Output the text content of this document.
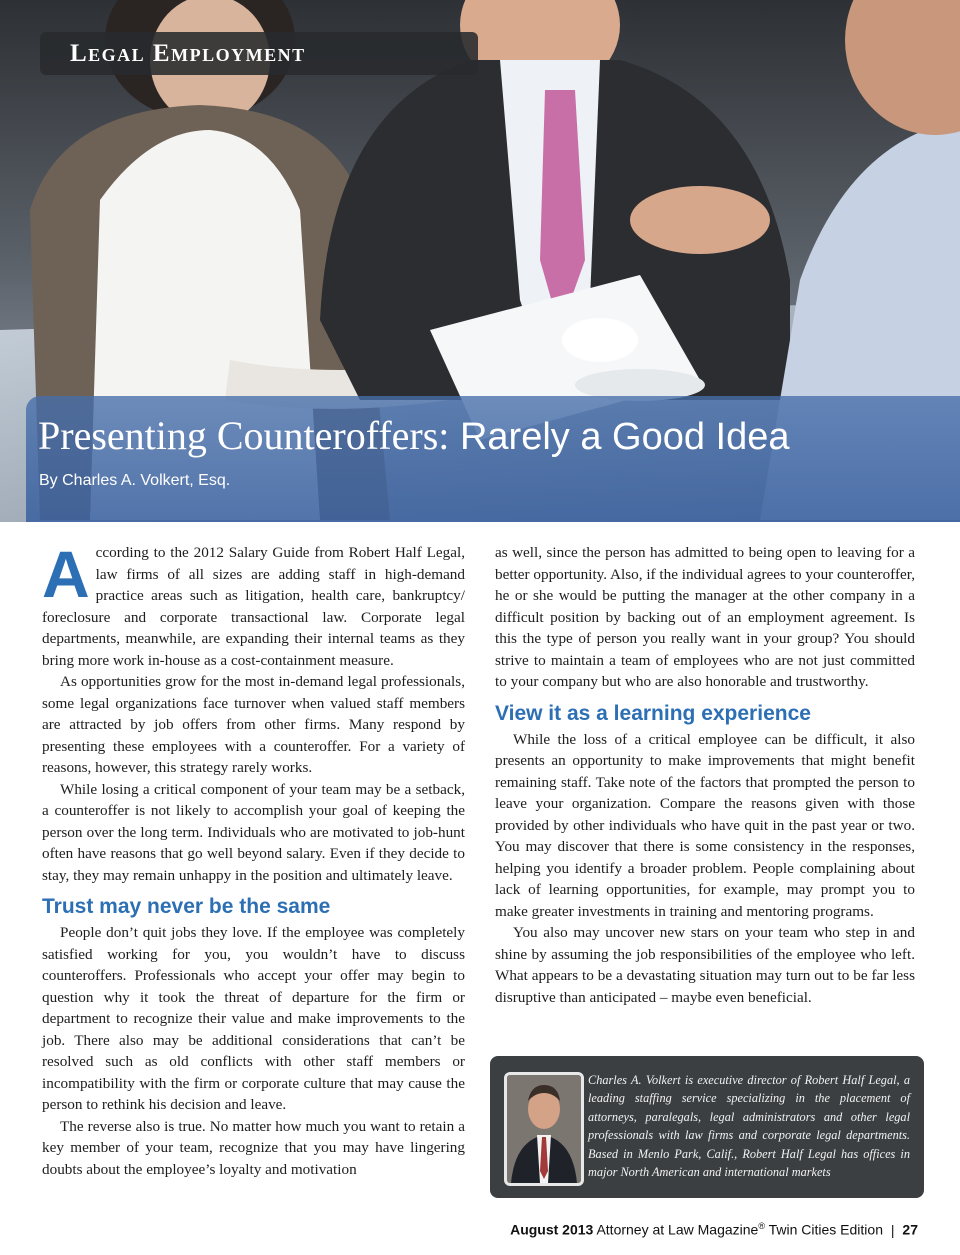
Legal Employment
Presenting Counteroffers: Rarely a Good Idea
By Charles A. Volkert, Esq.

According to the 2012 Salary Guide from Robert Half Legal, law firms of all sizes are adding staff in high-demand practice areas such as litigation, health care, bankruptcy/ foreclosure and corporate transactional law. Corporate legal departments, meanwhile, are expanding their internal teams as they bring more work in-house as a cost-containment measure.

As opportunities grow for the most in-demand legal professionals, some legal organizations face turnover when valued staff members are attracted by job offers from other firms. Many respond by presenting these employees with a counteroffer. For a variety of reasons, however, this strategy rarely works.

While losing a critical component of your team may be a setback, a counteroffer is not likely to accomplish your goal of keeping the person over the long term. Individuals who are motivated to job-hunt often have reasons that go well beyond salary. Even if they decide to stay, they may remain unhappy in the position and ultimately leave.

Trust may never be the same

People don’t quit jobs they love. If the employee was completely satisfied working for you, you wouldn’t have to discuss counteroffers. Professionals who accept your offer may begin to question why it took the threat of departure for the firm or department to recognize their value and make improvements to the job. There also may be additional considerations that can’t be resolved such as old conflicts with other staff members or incompatibility with the firm or corporate culture that may cause the person to rethink his decision and leave.

The reverse also is true. No matter how much you want to retain a key member of your team, recognize that you may have lingering doubts about the employee’s loyalty and motivation

as well, since the person has admitted to being open to leaving for a better opportunity. Also, if the individual agrees to your counteroffer, he or she would be putting the manager at the other company in a difficult position by backing out of an employment agreement. Is this the type of person you really want in your group? You should strive to maintain a team of employees who are not just committed to your company but who are also honorable and trustworthy.

View it as a learning experience

While the loss of a critical employee can be difficult, it also presents an opportunity to make improvements that might benefit remaining staff. Take note of the factors that prompted the person to leave your organization. Compare the reasons given with those provided by other individuals who have quit in the past year or two. You may discover that there is some consistency in the responses, helping you identify a broader problem. People complaining about lack of learning opportunities, for example, may prompt you to make greater investments in training and mentoring programs.

You also may uncover new stars on your team who step in and shine by assuming the job responsibilities of the employee who left. What appears to be a devastating situation may turn out to be far less disruptive than anticipated – maybe even beneficial.

Charles A. Volkert is executive director of Robert Half Legal, a leading staffing service specializing in the placement of attorneys, paralegals, legal administrators and other legal professionals with law firms and corporate legal departments. Based in Menlo Park, Calif., Robert Half Legal has offices in major North American and international markets
August 2013 Attorney at Law Magazine® Twin Cities Edition | 27
